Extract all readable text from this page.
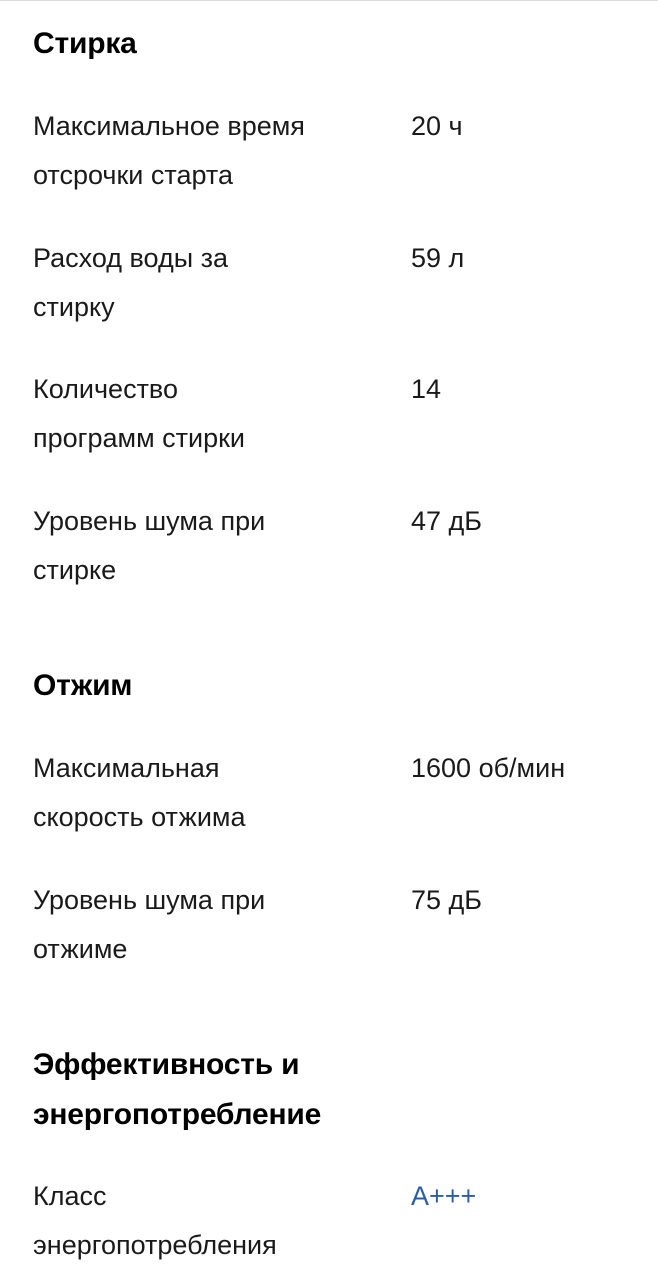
Стирка
Максимальное время отсрочки старта
20 ч
Расход воды за стирку
59 л
Количество программ стирки
14
Уровень шума при стирке
47 дБ
Отжим
Максимальная скорость отжима
1600 об/мин
Уровень шума при отжиме
75 дБ
Эффективность и энергопотребление
Класс энергопотребления
A+++
